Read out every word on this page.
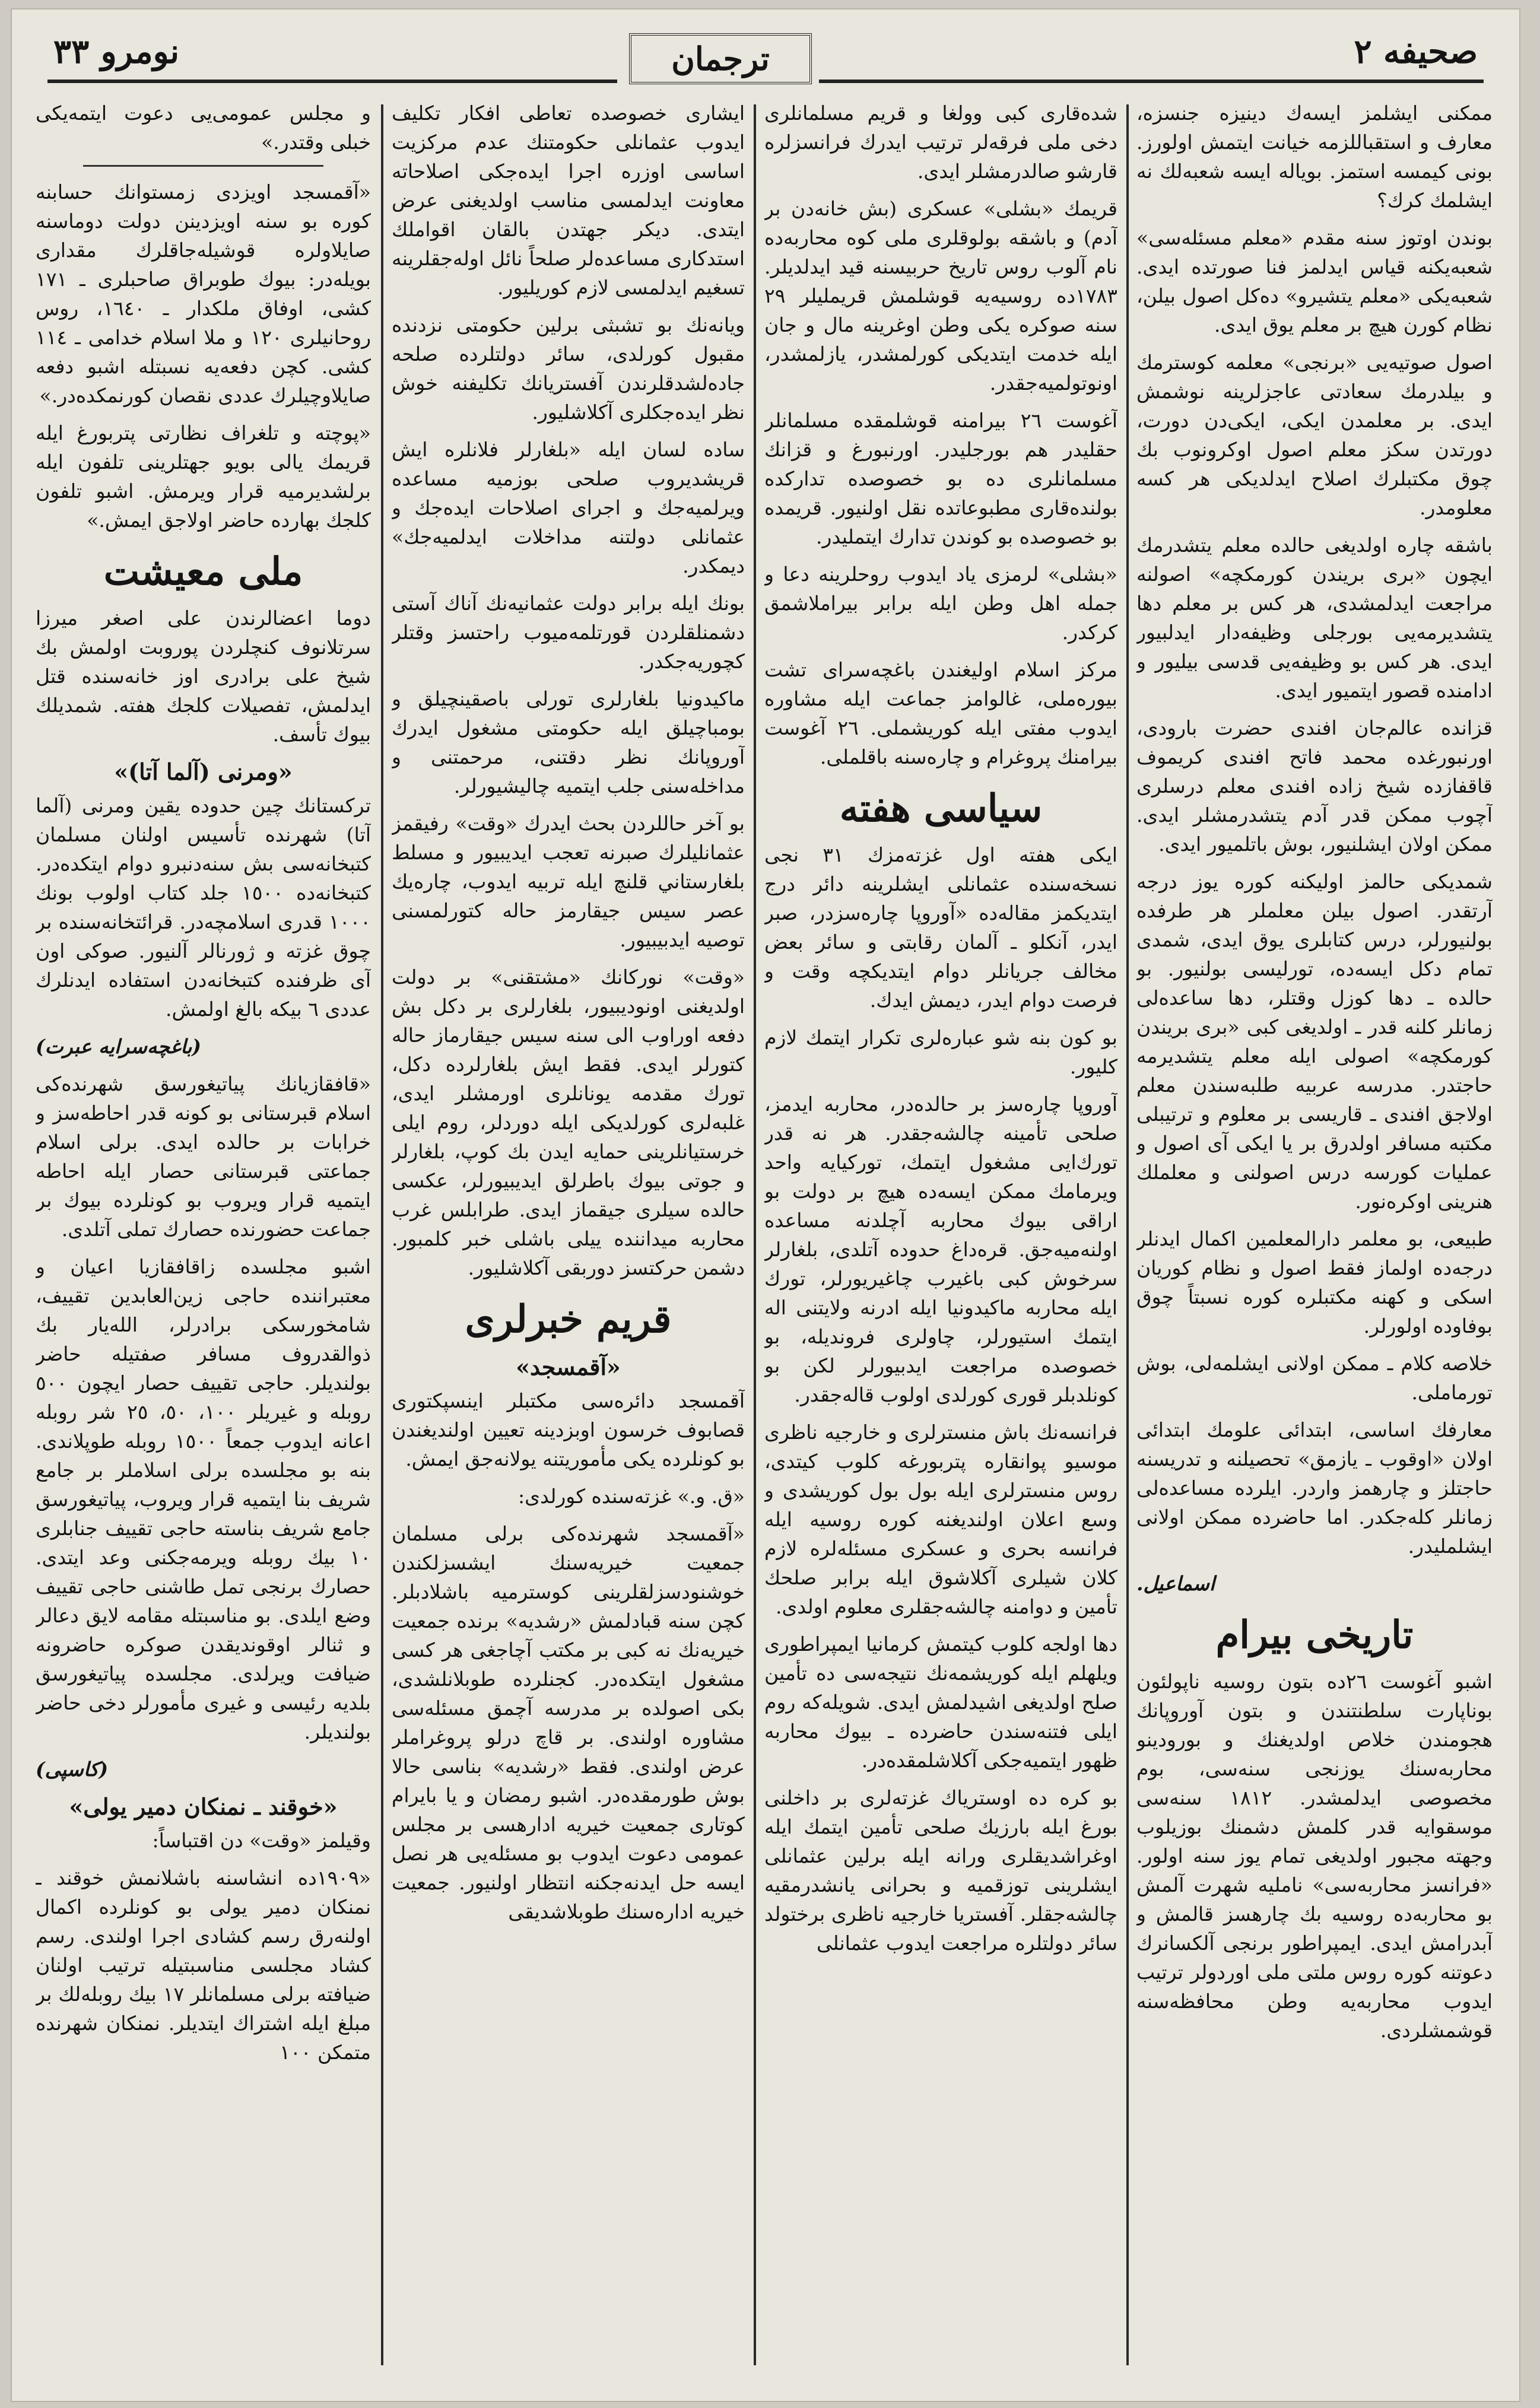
نومرو ٣٣	ترجمان	صحيفه ٢

ممكنی ايشلمز ايسه‌ك دينيزه جنسزه، معارف و استقباللزمه خيانت ايتمش اولورز. بونی كيمسه استمز. بوياله ايسه شعبه‌لك نه ايشلمك كرك؟

بوندن اوتوز سنه مقدم «معلم مسئله‌سی» شعبه‌يكنه قياس ايدلمز فنا صورتده ايدی. شعبه‌يكی «معلم يتشيرو» ده‌كل اصول بيلن، نظام كورن هيچ بر معلم يوق ايدی.

اصول صوتيه‌يی «برنجی» معلمه كوسترمك و بيلدرمك سعادتی عاجزلرينه نوشمش ايدی. بر معلمدن ايكی، ايكی‌دن دورت، دورتدن سكز معلم اصول اوكرونوب بك چوق مكتبلرك اصلاح ايدلديكی هر كسه معلومدر.

باشقه چاره اولديغی حالده معلم يتشدرمك ايچون «بری بريندن كورمكچه» اصولنه مراجعت ايدلمشدی، هر كس بر معلم دها يتشديرمه‌يی بورجلی وظيفه‌دار ايدلبيور ايدی. هر كس بو وظيفه‌يی قدسی بيليور و ادامنده قصور ايتميور ايدی.

قزانده عالم‌جان افندی حضرت بارودی، اورنبورغده محمد فاتح افندی كريموف قاقفازده شيخ زاده افندی معلم درسلری آچوب ممكن قدر آدم يتشدرمشلر ايدی. ممكن اولان ايشلنيور، بوش باتلميور ايدی.

شمديكی حالمز اوليكنه كوره يوز درجه آرتقدر. اصول بيلن معلملر هر طرفده بولنيورلر، درس كتابلری يوق ايدی، شمدی تمام دكل ايسه‌ده، تورليسی بولنيور. بو حالده ـ دها كوزل وقتلر، دها ساعده‌لی زمانلر كلنه قدر ـ اولديغی كبی «برى بريندن كورمكچه» اصولی ايله معلم يتشديرمه حاجتدر. مدرسه عربيه طلبه‌سندن معلم اولاجق افندی ـ قاريسی بر معلوم و ترتيبلی مكتبه مسافر اولدرق بر يا ايكی آی اصول و عمليات كورسه درس اصولنی و معلملك هنرينی اوكره‌نور.

طبيعی، بو معلمر دارالمعلمين اكمال ايدنلر درجه‌ده اولماز فقط اصول و نظام كوريان اسكی و كهنه مكتبلره كوره نسبتاً چوق بوفاوده اولورلر.

خلاصه كلام ـ ممكن اولانی ايشلمه‌لی، بوش تورماملی.

معارفك اساسی، ابتدائی علومك ابتدائی اولان «اوقوب ـ يازمق» تحصيلنه و تدريسنه حاجتلز و چارهمز واردر. ايلرده مساعده‌لی زمانلر كله‌جكدر. اما حاضرده ممكن اولانی ايشلمليدر.

اسماعيل.

تاريخی بيرام

اشبو آغوست ٢٦ده بتون روسيه ناپولئون بوناپارت سلطنتندن و بتون آوروپانك هجومندن خلاص اولديغنك و بورودينو محاربه‌سنك يوزنجی سنه‌سی، بوم مخصوصی ايدلمشدر. ١٨١٢ سنه‌سی موسقوايه قدر كلمش دشمنك بوزيلوب وجهته مجبور اولديغی تمام يوز سنه اولور. «فرانسز محاربه‌سی» نامليه شهرت آلمش بو محاربه‌ده روسيه بك چارهسز قالمش و آبدرامش ايدی. ايمپراطور برنجی آلكسانرك دعوتنه كوره روس ملتی ملی اوردولر ترتيب ايدوب محاربه‌يه وطن محافظه‌سنه قوشمشلردی.

شده‌قاری كبی وولغا و قريم مسلمانلری دخی ملی فرقه‌لر ترتيب ايدرك فرانسزلره قارشو صالدرمشلر ايدی.

قريمك «بشلی» عسكری (بش خانه‌دن بر آدم) و باشقه بولوقلری ملی كوه محاربه‌ده نام آلوب روس تاريخ حربيسنه قيد ايدلديلر. ١٧٨٣ده روسيه‌يه قوشلمش قريمليلر ٢٩ سنه صوكره يكی وطن اوغرينه مال و جان ايله خدمت ايتديكی كورلمشدر، يازلمشدر، اونوتولميه‌جقدر.

آغوست ٢٦ بيرامنه قوشلمقده مسلمانلر حقليدر هم بورجليدر. اورنبورغ و قزانك مسلمانلری ده بو خصوصده تداركده بولنده‌قاری مطبوعاتده نقل اولنيور. قريمده بو خصوصده بو كوندن تدارك ايتمليدر.

«بشلی» لرمزی ياد ايدوب روحلرينه دعا و جمله اهل وطن ايله برابر بيراملاشمق كركدر.

مركز اسلام اوليغندن باغچه‌سرای تشت بيوره‌ملی، غالوامز جماعت ايله مشاوره ايدوب مفتی ايله كوريشملی. ٢٦ آغوست بيرامنك پروغرام و چاره‌سنه باقلملی.

سياسی هفته

ايكی هفته اول غزته‌مزك ٣١ نجی نسخه‌سنده عثمانلی ايشلرينه دائر درج ايتديكمز مقاله‌ده «آوروپا چاره‌سزدر، صبر ايدر، آنكلو ـ آلمان رقابتی و سائر بعض مخالف جريانلر دوام ايتديكچه وقت و فرصت دوام ايدر، ديمش ايدك.

بو كون بنه شو عباره‌لری تكرار ايتمك لازم كليور.

آوروپا چاره‌سز بر حالده‌در، محاربه ايدمز، صلحی تأمينه چالشه‌جقدر. هر نه قدر تورك‌ايی مشغول ايتمك، توركيايه واحد ويرمامك ممكن ايسه‌ده هيچ بر دولت بو اراقی بيوك محاربه آچلدنه مساعده اولنه‌ميه‌جق. قره‌داغ حدوده آتلدی، بلغارلر سرخوش كبی باغيرب چاغيريورلر، تورك ايله محاربه ماكيدونيا ايله ادرنه ولايتنی اله ايتمك استيورلر، چاولری فرونديله، بو خصوصده مراجعت ايدبيورلر لكن بو كونلدبلر قوری كورلدی اولوب قاله‌جقدر.

فرانسه‌نك باش منسترلری و خارجيه ناظری موسيو پوانقاره پتربورغه كلوب كيتدی، روس منسترلری ايله بول بول كوريشدی و وسع اعلان اولنديغنه كوره روسيه ايله فرانسه بحری و عسكری مسئله‌لره لازم كلان شيلری آكلاشوق ايله برابر صلحك تأمين و دوامنه چالشه‌جقلری معلوم اولدی.

دها اولجه كلوب كيتمش كرمانيا ايمپراطوری ويلهلم ايله كوريشمه‌نك نتيجه‌سی ده تأمين صلح اولديغی اشيدلمش ايدی. شويله‌كه روم ايلی فتنه‌سندن حاضرده ـ بيوك محاربه ظهور ايتميه‌جكی آكلاشلمقده‌در.

بو كره ده اوسترياك غزته‌لری بر داخلنی بورغ ايله بارزيك صلحی تأمين ايتمك ايله اوغراشديقلری ورانه ايله برلين عثمانلی ايشلرينی توزقميه و بحرانی يانشدرمقيه چالشه‌جقلر. آفستريا خارجيه ناظری برختولد سائر دولتلره مراجعت ايدوب عثمانلی

ايشاری خصوصده تعاطی افكار تكليف ايدوب عثمانلی حكومتنك عدم مركزيت اساسی اوزره اجرا ايده‌جكی اصلاحاته معاونت ايدلمسی مناسب اولديغنی عرض ايتدی. ديكر جهتدن بالقان اقواملك استدكاری مساعده‌لر صلحاً نائل اوله‌جقلرينه تسغيم ايدلمسی لازم كوريليور.

ويانه‌نك بو تشبثی برلين حكومتی نزدنده مقبول كورلدی، سائر دولتلرده صلحه جاده‌لشدقلرندن آفستريانك تكليفنه خوش نظر ايده‌جكلری آكلاشليور.

ساده لسان ايله «بلغارلر فلانلره ايش قريشديروب صلحی بوزميه مساعده ويرلميه‌جك و اجرای اصلاحات ايده‌جك و عثمانلی دولتنه مداخلات ايدلميه‌جك» ديمكدر.

بونك ايله برابر دولت عثمانيه‌نك آناك آستی دشمنلقلردن قورتلمه‌ميوب راحتسز وقتلر كچوريه‌جكدر.

ماكيدونيا بلغارلری تورلی باصقينچيلق و بومباچيلق ايله حكومتی مشغول ايدرك آوروپانك نظر دقتنی، مرحمتنی و مداخله‌سنی جلب ايتميه چاليشيورلر.

بو آخر حاللردن بحث ايدرك «وقت» رفيقمز عثمانليلرك صبرنه تعجب ايديبيور و مسلط بلغارستاني قلنچ ايله تربيه ايدوب، چاره‌يك عصر سيس جيقارمز حاله كتورلمسنی توصيه ايدبيبيور.

«وقت» نوركانك «مشتقنی» بر دولت اولديغنی اونوديبيور، بلغارلری بر دكل بش دفعه اوراوب الی سنه سيس جيقارماز حاله كتورلر ايدی. فقط ايش بلغارلرده دكل، تورك مقدمه يونانلری اورمشلر ايدی، غلبه‌لری كورلديكی ايله دوردلر، روم ايلی خرستيانلرينی حمايه ايدن بك كوپ، بلغارلر و جوتی بيوك باطرلق ايديبيورلر، عكسی حالده سيلری جيقماز ايدی. طرابلس غرب محاربه ميداننده ييلی باشلی خبر كلمبور. دشمن حركتسز دوربقی آكلاشليور.

قريم خبرلری
«آقمسجد»

آقمسجد دائره‌سی مكتبلر اينسپكتوری قصابوف خرسون اوبزدينه تعيين اولنديغندن بو كونلرده يكی مأموريتنه يولانه‌جق ايمش.

«ق. و.» غزته‌سنده كورلدی:

«آقمسجد شهرنده‌كی برلی مسلمان جمعيت خيريه‌سنك ايشسزلكندن خوشنودسزلقلرينی كوسترميه باشلادبلر. كچن سنه قبادلمش «رشديه» برنده جمعيت خيريه‌نك نه كبی بر مكتب آچاجغی هر كسی مشغول ايتكده‌در. كجنلرده طوبلانلشدی، بكی اصولده بر مدرسه آچمق مسئله‌سی مشاوره اولندی. بر قاچ درلو پروغراملر عرض اولندی. فقط «رشديه» بناسی حالا بوش طورمقده‌در. اشبو رمضان و يا بايرام كوتاری جمعيت خيريه ادارهسی بر مجلس عمومی دعوت ايدوب بو مسئله‌يی هر نصل ايسه حل ايدنه‌جكنه انتظار اولنيور. جمعيت خيريه اداره‌سنك طوبلاشديقی

و مجلس عمومی‌يی دعوت ايتمه‌يكی خبلی وقتدر.»

«آقمسجد اويزدی زمستوانك حسابنه كوره بو سنه اويزدينن دولت دوماسنه صايلاولره قوشيله‌جاقلرك مقداری بويله‌در: بيوك طوبراق صاحبلری ـ ١٧١ كشی، اوفاق ملكدار ـ ١٦٤٠، روس روحانيلری ١٢٠ و ملا اسلام خدامی ـ ١١٤ كشی. كچن دفعه‌يه نسبتله اشبو دفعه صايلاوچيلرك عددی نقصان كورنمكده‌در.»

«پوچته و تلغراف نظارتی پتربورغ ايله قريمك يالی بويو جهتلرينی تلفون ايله برلشديرميه قرار ويرمش. اشبو تلفون كلجك بهارده حاضر اولاجق ايمش.»

ملی معيشت

دوما اعضالرندن علی اصغر ميرزا سرتلانوف كنچلردن پوروبت اولمش بك شيخ علی برادری اوز خانه‌سنده قتل ايدلمش، تفصيلات كلجك هفته. شمديلك بيوك تأسف.

«ومرنی (آلما آتا)»

تركستانك چين حدوده يقين ومرنی (آلما آتا) شهرنده تأسيس اولنان مسلمان كتبخانه‌سی بش سنه‌دنبرو دوام ايتكده‌در. كتبخانه‌ده ١٥٠٠ جلد كتاب اولوب بونك ١٠٠٠ قدری اسلامچه‌در. قرائتخانه‌سنده بر چوق غزته و ژورنالر آلنيور. صوكی اون آی ظرفنده كتبخانه‌دن استفاده ايدنلرك عددی ٦ بيكه بالغ اولمش.

(باغچه‌سرايه عبرت)

«قافقازيانك پياتيغورسق شهرنده‌كی اسلام قبرستانی بو كونه قدر احاطه‌سز و خرابات بر حالده ايدی. برلی اسلام جماعتی قبرستانی حصار ايله احاطه ايتميه قرار ويروب بو كونلرده بيوك بر جماعت حضورنده حصارك تملی آتلدی.

اشبو مجلسده زاقافقازيا اعيان و معتبراننده حاجی زين‌العابدين تقييف، شامخورسكی برادرلر، الله‌يار بك ذوالقدروف مسافر صفتيله حاضر بولنديلر. حاجی تقييف حصار ايچون ٥٠٠ روبله و غيريلر ١٠٠، ٥٠، ٢٥ شر روبله اعانه ايدوب جمعاً ١٥٠٠ روبله طوپلاندی. بنه بو مجلسده برلی اسلاملر بر جامع شريف بنا ايتميه قرار ويروب، پياتيغورسق جامع شريف بناسته حاجی تقييف جنابلری ١٠ بيك روبله ويرمه‌جكنی وعد ايتدی. حصارك برنجی تمل طاشنی حاجی تقييف وضع ايلدی. بو مناسبتله مقامه لايق دعالر و ثنالر اوقونديقدن صوكره حاضرونه ضيافت ويرلدی. مجلسده پياتيغورسق بلديه رئيسی و غيری مأمورلر دخی حاضر بولنديلر.

(كاسپی)

«خوقند ـ نمنكان دمير يولی»

وقيلمز «وقت» دن اقتباساً:

«١٩٠٩ده انشاسنه باشلانمش خوقند ـ نمنكان دمير يولی بو كونلرده اكمال اولنه‌رق رسم كشادی اجرا اولندی. رسم كشاد مجلسی مناسبتيله ترتيب اولنان ضيافته برلی مسلمانلر ١٧ بيك روبله‌لك بر مبلغ ايله اشتراك ايتديلر. نمنكان شهرنده متمكن ١٠٠
